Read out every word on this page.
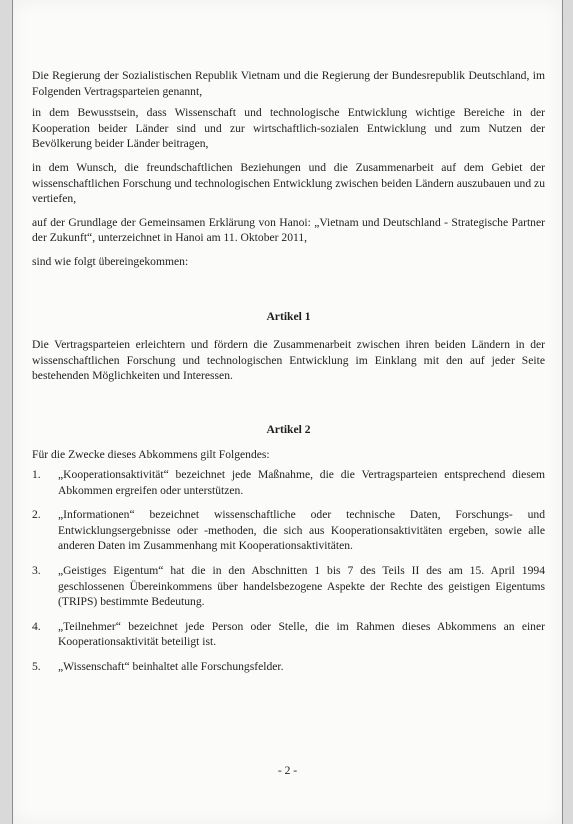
Die Regierung der Sozialistischen Republik Vietnam und die Regierung der Bundesrepublik Deutschland, im Folgenden Vertragsparteien genannt,

in dem Bewusstsein, dass Wissenschaft und technologische Entwicklung wichtige Bereiche in der Kooperation beider Länder sind und zur wirtschaftlich-sozialen Entwicklung und zum Nutzen der Bevölkerung beider Länder beitragen,

in dem Wunsch, die freundschaftlichen Beziehungen und die Zusammenarbeit auf dem Gebiet der wissenschaftlichen Forschung und technologischen Entwicklung zwischen beiden Ländern auszubauen und zu vertiefen,

auf der Grundlage der Gemeinsamen Erklärung von Hanoi: „Vietnam und Deutschland - Strategische Partner der Zukunft“, unterzeichnet in Hanoi am 11. Oktober 2011,

sind wie folgt übereingekommen:

Artikel 1

Die Vertragsparteien erleichtern und fördern die Zusammenarbeit zwischen ihren beiden Ländern in der wissenschaftlichen Forschung und technologischen Entwicklung im Einklang mit den auf jeder Seite bestehenden Möglichkeiten und Interessen.

Artikel 2

Für die Zwecke dieses Abkommens gilt Folgendes:

1.	„Kooperationsaktivität“ bezeichnet jede Maßnahme, die die Vertragsparteien entsprechend diesem Abkommen ergreifen oder unterstützen.
2.	„Informationen“ bezeichnet wissenschaftliche oder technische Daten, Forschungs- und Entwicklungsergebnisse oder -methoden, die sich aus Kooperationsaktivitäten ergeben, sowie alle anderen Daten im Zusammenhang mit Kooperationsaktivitäten.
3.	„Geistiges Eigentum“ hat die in den Abschnitten 1 bis 7 des Teils II des am 15. April 1994 geschlossenen Übereinkommens über handelsbezogene Aspekte der Rechte des geistigen Eigentums (TRIPS) bestimmte Bedeutung.
4.	„Teilnehmer“ bezeichnet jede Person oder Stelle, die im Rahmen dieses Abkommens an einer Kooperationsaktivität beteiligt ist.
5.	„Wissenschaft“ beinhaltet alle Forschungsfelder.
- 2 -
